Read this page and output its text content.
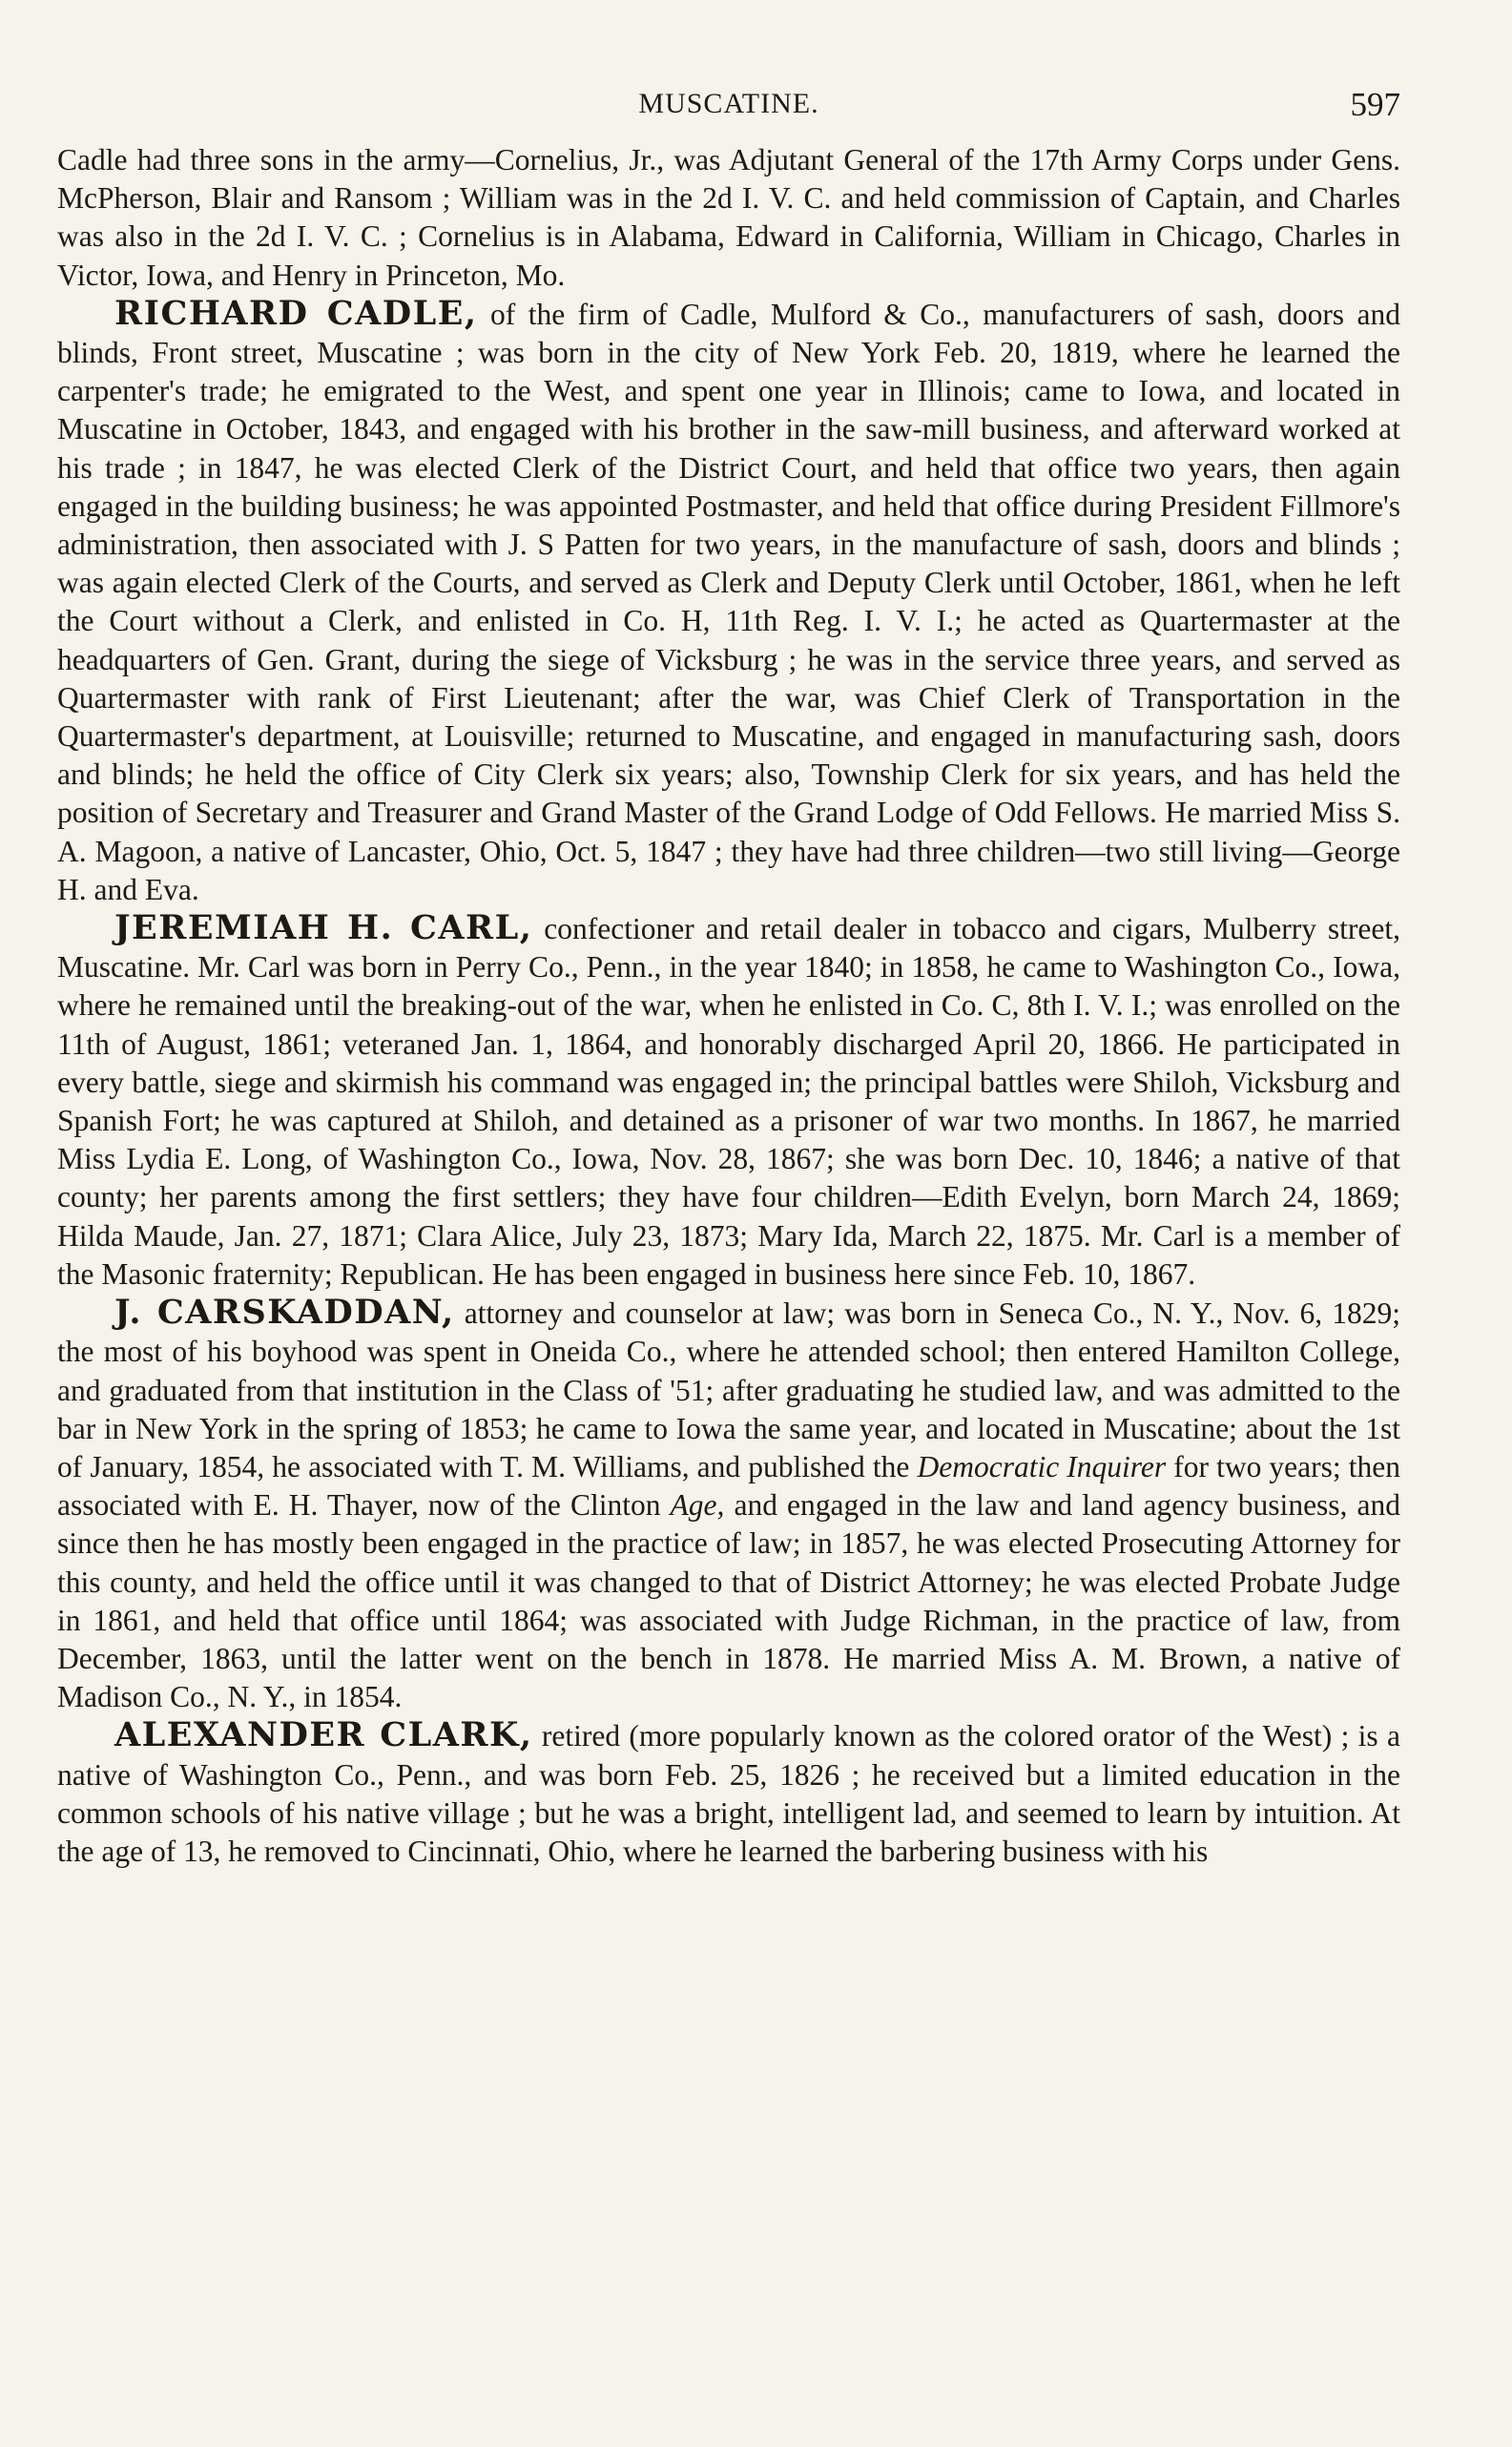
MUSCATINE.	597

Cadle had three sons in the army—Cornelius, Jr., was Adjutant General of the 17th Army Corps under Gens. McPherson, Blair and Ransom ; William was in the 2d I. V. C. and held commission of Captain, and Charles was also in the 2d I. V. C. ; Cornelius is in Alabama, Edward in California, William in Chicago, Charles in Victor, Iowa, and Henry in Princeton, Mo.

RICHARD CADLE, of the firm of Cadle, Mulford & Co., manufacturers of sash, doors and blinds, Front street, Muscatine ; was born in the city of New York Feb. 20, 1819, where he learned the carpenter's trade; he emigrated to the West, and spent one year in Illinois; came to Iowa, and located in Muscatine in October, 1843, and engaged with his brother in the saw-mill business, and afterward worked at his trade ; in 1847, he was elected Clerk of the District Court, and held that office two years, then again engaged in the building business; he was appointed Postmaster, and held that office during President Fillmore's administration, then associated with J. S Patten for two years, in the manufacture of sash, doors and blinds ; was again elected Clerk of the Courts, and served as Clerk and Deputy Clerk until October, 1861, when he left the Court without a Clerk, and enlisted in Co. H, 11th Reg. I. V. I.; he acted as Quartermaster at the headquarters of Gen. Grant, during the siege of Vicksburg ; he was in the service three years, and served as Quartermaster with rank of First Lieutenant; after the war, was Chief Clerk of Transportation in the Quartermaster's department, at Louisville; returned to Muscatine, and engaged in manufacturing sash, doors and blinds; he held the office of City Clerk six years; also, Township Clerk for six years, and has held the position of Secretary and Treasurer and Grand Master of the Grand Lodge of Odd Fellows. He married Miss S. A. Magoon, a native of Lancaster, Ohio, Oct. 5, 1847 ; they have had three children—two still living—George H. and Eva.

JEREMIAH H. CARL, confectioner and retail dealer in tobacco and cigars, Mulberry street, Muscatine. Mr. Carl was born in Perry Co., Penn., in the year 1840; in 1858, he came to Washington Co., Iowa, where he remained until the breaking-out of the war, when he enlisted in Co. C, 8th I. V. I.; was enrolled on the 11th of August, 1861; veteraned Jan. 1, 1864, and honorably discharged April 20, 1866. He participated in every battle, siege and skirmish his command was engaged in; the principal battles were Shiloh, Vicksburg and Spanish Fort; he was captured at Shiloh, and detained as a prisoner of war two months. In 1867, he married Miss Lydia E. Long, of Washington Co., Iowa, Nov. 28, 1867; she was born Dec. 10, 1846; a native of that county; her parents among the first settlers; they have four children—Edith Evelyn, born March 24, 1869; Hilda Maude, Jan. 27, 1871; Clara Alice, July 23, 1873; Mary Ida, March 22, 1875. Mr. Carl is a member of the Masonic fraternity; Republican. He has been engaged in business here since Feb. 10, 1867.

J. CARSKADDAN, attorney and counselor at law; was born in Seneca Co., N. Y., Nov. 6, 1829; the most of his boyhood was spent in Oneida Co., where he attended school; then entered Hamilton College, and graduated from that institution in the Class of '51; after graduating he studied law, and was admitted to the bar in New York in the spring of 1853; he came to Iowa the same year, and located in Muscatine; about the 1st of January, 1854, he associated with T. M. Williams, and published the Democratic Inquirer for two years; then associated with E. H. Thayer, now of the Clinton Age, and engaged in the law and land agency business, and since then he has mostly been engaged in the practice of law; in 1857, he was elected Prosecuting Attorney for this county, and held the office until it was changed to that of District Attorney; he was elected Probate Judge in 1861, and held that office until 1864; was associated with Judge Richman, in the practice of law, from December, 1863, until the latter went on the bench in 1878. He married Miss A. M. Brown, a native of Madison Co., N. Y., in 1854.

ALEXANDER CLARK, retired (more popularly known as the colored orator of the West) ; is a native of Washington Co., Penn., and was born Feb. 25, 1826 ; he received but a limited education in the common schools of his native village ; but he was a bright, intelligent lad, and seemed to learn by intuition. At the age of 13, he removed to Cincinnati, Ohio, where he learned the barbering business with his
